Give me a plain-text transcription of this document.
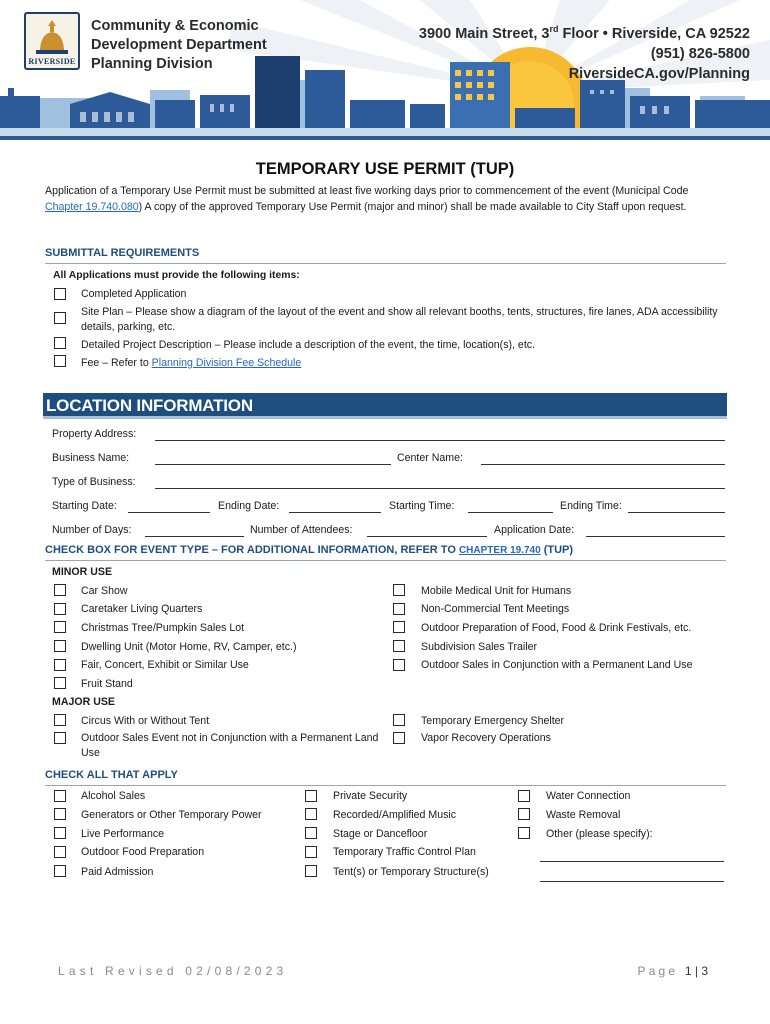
RIVERSIDE
Community & Economic
Development Department
Planning Division
3900 Main Street, 3rd Floor • Riverside, CA 92522
(951) 826-5800
RiversideCA.gov/Planning
TEMPORARY USE PERMIT (TUP)
Application of a Temporary Use Permit must be submitted at least five working days prior to commencement of the event (Municipal Code Chapter 19.740.080) A copy of the approved Temporary Use Permit (major and minor) shall be made available to City Staff upon request.
SUBMITTAL REQUIREMENTS
All Applications must provide the following items:
Completed Application
Site Plan – Please show a diagram of the layout of the event and show all relevant booths, tents, structures, fire lanes, ADA accessibility details, parking, etc.
Detailed Project Description – Please include a description of the event, the time, location(s), etc.
Fee – Refer to Planning Division Fee Schedule
LOCATION INFORMATION
Property Address:
Business Name:	Center Name:
Type of Business:
Starting Date:	Ending Date:	Starting Time:	Ending Time:
Number of Days:	Number of Attendees:	Application Date:
CHECK BOX FOR EVENT TYPE – FOR ADDITIONAL INFORMATION, REFER TO CHAPTER 19.740 (TUP)
MINOR USE
Car Show
Caretaker Living Quarters
Christmas Tree/Pumpkin Sales Lot
Dwelling Unit (Motor Home, RV, Camper, etc.)
Fair, Concert, Exhibit or Similar Use
Fruit Stand
Mobile Medical Unit for Humans
Non-Commercial Tent Meetings
Outdoor Preparation of Food, Food & Drink Festivals, etc.
Subdivision Sales Trailer
Outdoor Sales in Conjunction with a Permanent Land Use
MAJOR USE
Circus With or Without Tent
Outdoor Sales Event not in Conjunction with a Permanent Land Use
Temporary Emergency Shelter
Vapor Recovery Operations
CHECK ALL THAT APPLY
Alcohol Sales
Generators or Other Temporary Power
Live Performance
Outdoor Food Preparation
Paid Admission
Private Security
Recorded/Amplified Music
Stage or Dancefloor
Temporary Traffic Control Plan
Tent(s) or Temporary Structure(s)
Water Connection
Waste Removal
Other (please specify):
Last Revised 02/08/2023	Page 1 | 3
